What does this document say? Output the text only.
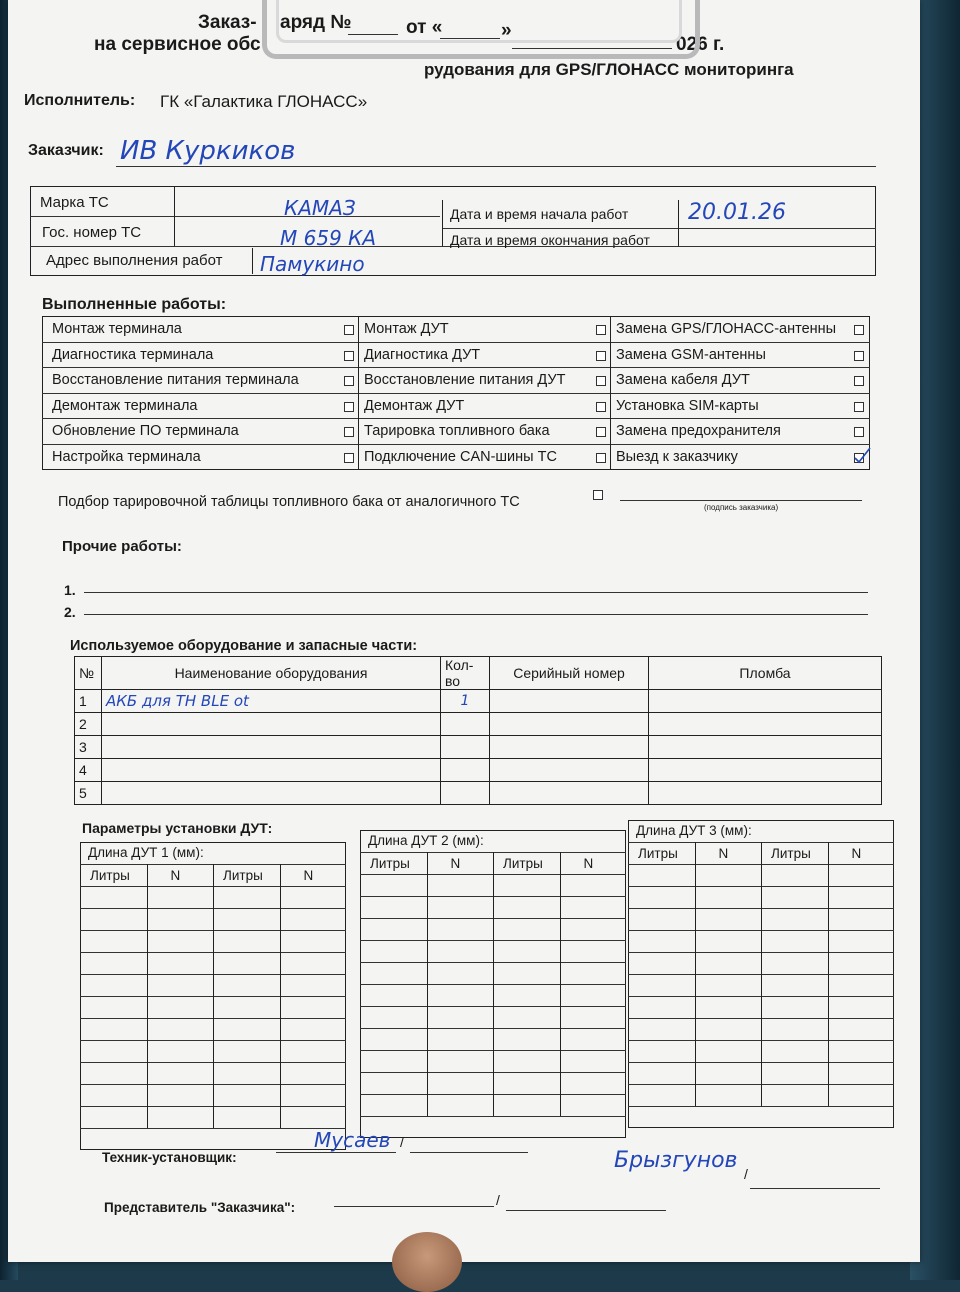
Заказ- аряд №	от «	»
026 г.
на сервисное обс
рудования для GPS/ГЛОНАСС мониторинга
Исполнитель: ГК «Галактика ГЛОНАСС»
Заказчик: ИВ Куркиков
Марка ТС	КАМАЗ
Гос. номер ТС	М 659 КА
Адрес выполнения работ Памукино
Дата и время начала работ	20.01.26
Дата и время окончания работ
Выполненные работы:
Монтаж терминала	Монтаж ДУТ	Замена GPS/ГЛОНАСС-антенны
Диагностика терминала	Диагностика ДУТ	Замена GSM-антенны
Восстановление питания терминала	Восстановление питания ДУТ	Замена кабеля ДУТ
Демонтаж терминала	Демонтаж ДУТ	Установка SIM-карты
Обновление ПО терминала	Тарировка топливного бака	Замена предохранителя
Настройка терминала	Подключение CAN-шины ТС	Выезд к заказчику
Подбор тарировочной таблицы топливного бака от аналогичного ТС	(подпись заказчика)
Прочие работы:
1.
2.
Используемое оборудование и запасные части:
№	Наименование оборудования	Кол-во	Серийный номер	Пломба
1	АКБ для TH BLE ot	1		
2				
3				
4				
5				
Параметры установки ДУТ:
Длина ДУТ 1 (мм):
Литры	N	Литры	N
Длина ДУТ 2 (мм):
Литры	N	Литры	N
Длина ДУТ 3 (мм):
Литры	N	Литры	N
Техник-установщик:
Мусаев /
Представитель "Заказчика":	/
Брызгунов
/
